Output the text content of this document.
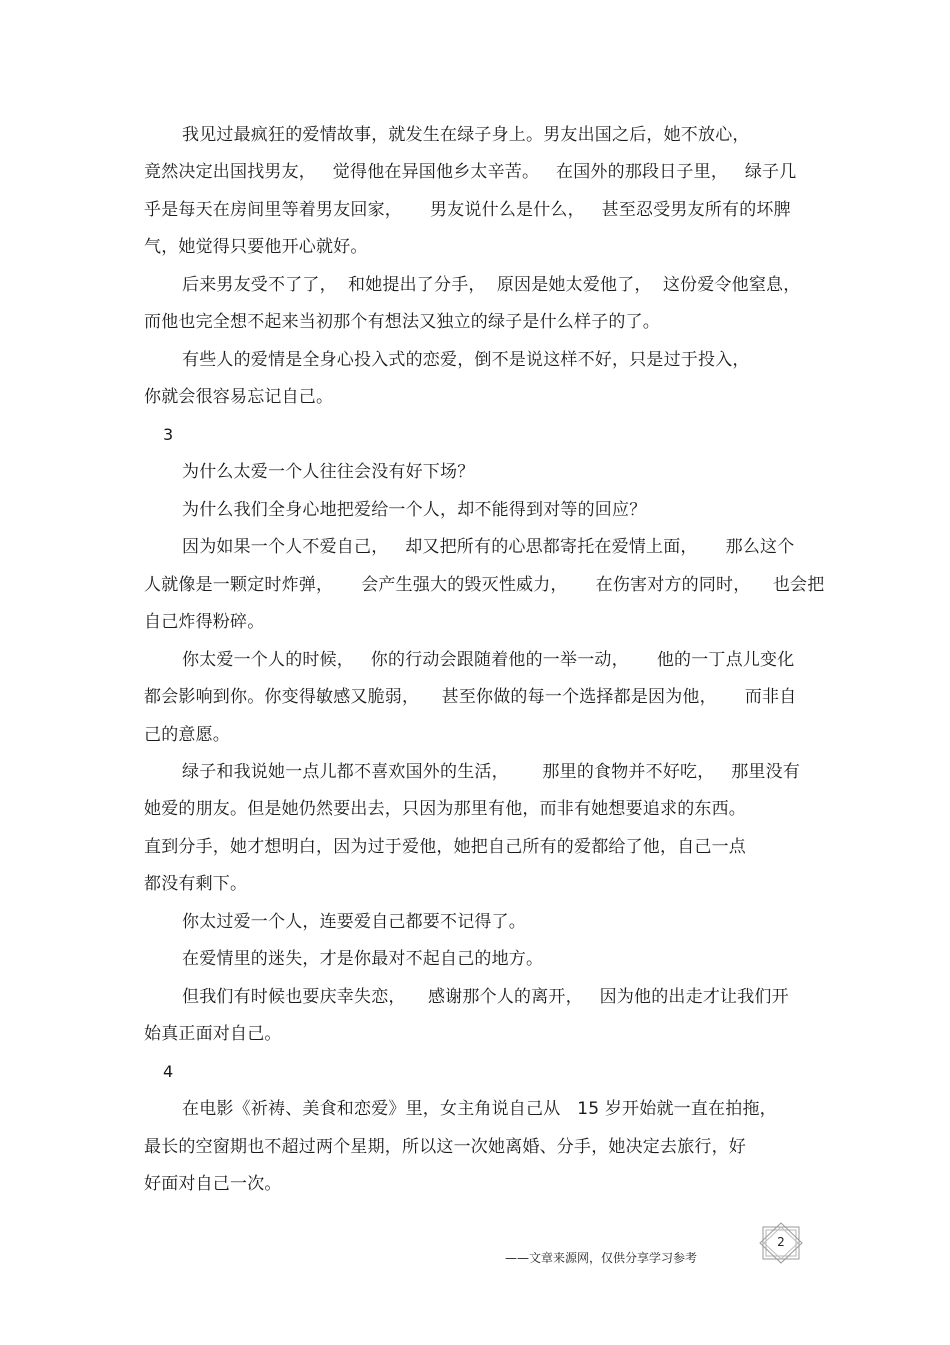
我见过最疯狂的爱情故事，就发生在绿子身上。男友出国之后，她不放心，
竟然决定出国找男友，   觉得他在异国他乡太辛苦。   在国外的那段日子里，   绿子几
乎是每天在房间里等着男友回家，     男友说什么是什么，   甚至忍受男友所有的坏脾
气，她觉得只要他开心就好。
后来男友受不了了，  和她提出了分手，  原因是她太爱他了，  这份爱令他窒息，
而他也完全想不起来当初那个有想法又独立的绿子是什么样子的了。
有些人的爱情是全身心投入式的恋爱，倒不是说这样不好，只是过于投入，
你就会很容易忘记自己。
3
为什么太爱一个人往往会没有好下场？
为什么我们全身心地把爱给一个人，却不能得到对等的回应？
因为如果一个人不爱自己，   却又把所有的心思都寄托在爱情上面，     那么这个
人就像是一颗定时炸弹，     会产生强大的毁灭性威力，     在伤害对方的同时，    也会把
自己炸得粉碎。
你太爱一个人的时候，   你的行动会跟随着他的一举一动，     他的一丁点儿变化
都会影响到你。你变得敏感又脆弱，    甚至你做的每一个选择都是因为他，     而非自
己的意愿。
绿子和我说她一点儿都不喜欢国外的生活，      那里的食物并不好吃，   那里没有
她爱的朋友。但是她仍然要出去，只因为那里有他，而非有她想要追求的东西。
直到分手，她才想明白，因为过于爱他，她把自己所有的爱都给了他，自己一点
都没有剩下。
你太过爱一个人，连要爱自己都要不记得了。
在爱情里的迷失，才是你最对不起自己的地方。
但我们有时候也要庆幸失恋，    感谢那个人的离开，   因为他的出走才让我们开
始真正面对自己。
4
在电影《祈祷、美食和恋爱》里，女主角说自己从   15 岁开始就一直在拍拖，
最长的空窗期也不超过两个星期，所以这一次她离婚、分手，她决定去旅行，好
好面对自己一次。
——文章来源网，仅供分享学习参考
2
